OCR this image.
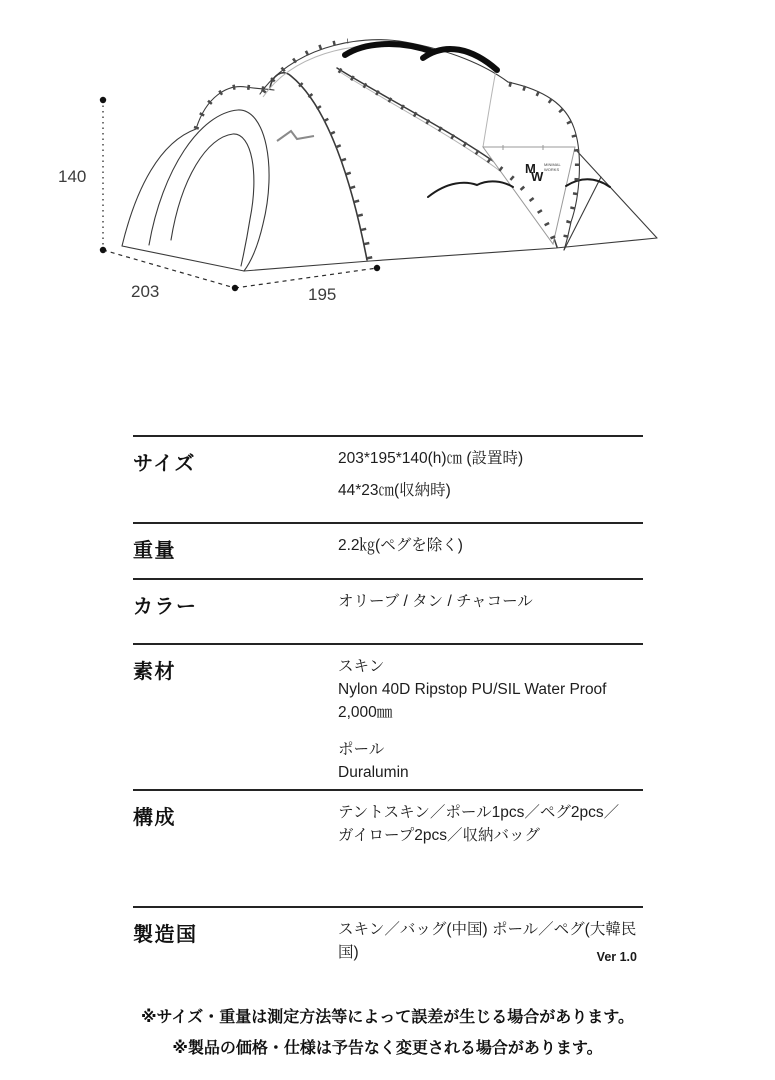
M
W
MINIMAL
WORKS
140
203	195
サイズ	203*195*140(h)㎝ (設置時)
44*23㎝(収納時)
重量	2.2㎏(ペグを除く)
カラー	オリーブ / タン / チャコール
素材	スキン
Nylon 40D Ripstop PU/SIL Water Proof 2,000㎜
ポール
Duralumin
構成	テントスキン／ポール1pcs／ペグ2pcs／
ガイロープ2pcs／収納バッグ
製造国	スキン／バッグ(中国) ポール／ペグ(大韓民国)	Ver 1.0
※サイズ・重量は測定方法等によって誤差が生じる場合があります。
※製品の価格・仕様は予告なく変更される場合があります。
